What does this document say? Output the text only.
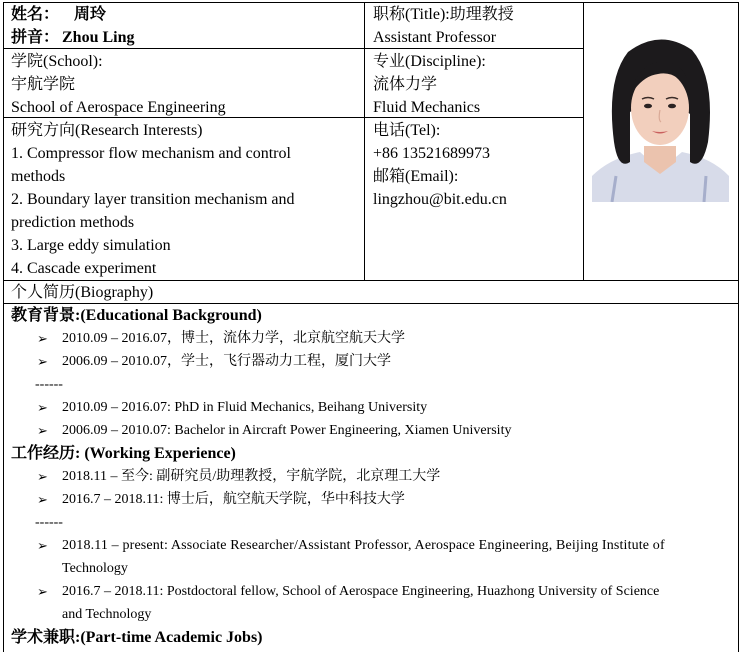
姓名： 周玲
拼音： Zhou Ling
职称(Title):助理教授
Assistant Professor
学院(School):
宇航学院
School of Aerospace Engineering
专业(Discipline):
流体力学
Fluid Mechanics
研究方向(Research Interests)
1. Compressor flow mechanism and control
methods
2. Boundary layer transition mechanism and
prediction methods
3. Large eddy simulation
4. Cascade experiment
电话(Tel):
+86 13521689973
邮箱(Email):
lingzhou@bit.edu.cn
个人简历(Biography)
教育背景:(Educational Background)
➢ 2010.09 – 2016.07，博士，流体力学，北京航空航天大学
➢ 2006.09 – 2010.07，学士，飞行器动力工程，厦门大学
------
➢ 2010.09 – 2016.07: PhD in Fluid Mechanics, Beihang University
➢ 2006.09 – 2010.07: Bachelor in Aircraft Power Engineering, Xiamen University
工作经历: (Working Experience)
➢ 2018.11 – 至今: 副研究员/助理教授，宇航学院，北京理工大学
➢ 2016.7 – 2018.11: 博士后，航空航天学院，华中科技大学
------
➢ 2018.11 – present: Associate Researcher/Assistant Professor, Aerospace Engineering, Beijing Institute of
Technology
➢ 2016.7 – 2018.11: Postdoctoral fellow, School of Aerospace Engineering, Huazhong University of Science
and Technology
学术兼职:(Part-time Academic Jobs)
